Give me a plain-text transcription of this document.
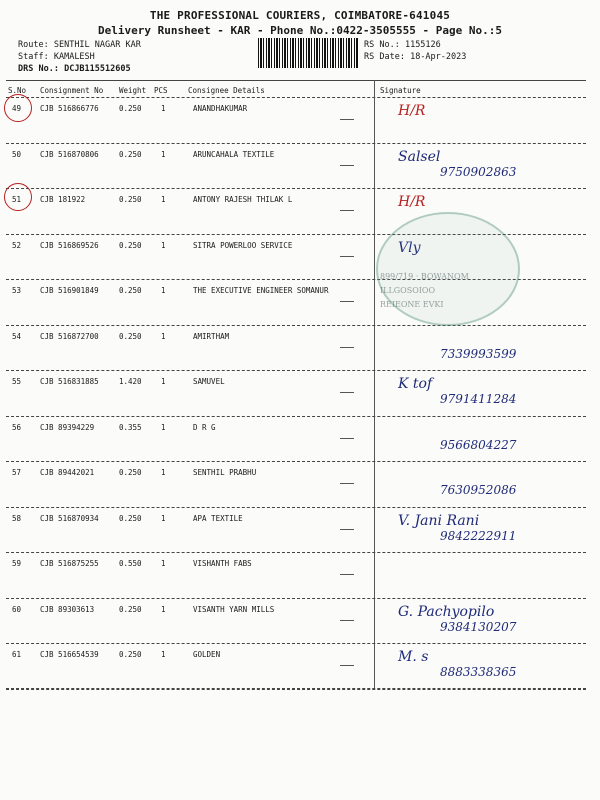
THE PROFESSIONAL COURIERS, COIMBATORE-641045
Delivery Runsheet - KAR - Phone No.:0422-3505555 - Page No.:5
Route: SENTHIL NAGAR KAR
Staff: KAMALESH
DRS No.: DCJB115512605
RS No.: 1155126
RS Date: 18-Apr-2023
S.No Consignment No Weight PCS	Consignee Details	Signature
49	CJB 516866776	0.250	1	ANANDHAKUMAR	H/R
50	CJB 516870806	0.250	1	ARUNCAHALA TEXTILE	Salsel
9750902863
51	CJB 181922	0.250	1	ANTONY RAJESH THILAK L	H/R
52	CJB 516869526	0.250	1	SITRA POWERLOO SERVICE	Vly
53	CJB 516901849	0.250	1	THE EXECUTIVE ENGINEER SOMANUR
54	CJB 516872700	0.250	1	AMIRTHAM
7339993599
55	CJB 516831885	1.420	1	SAMUVEL	K tof
9791411284
56	CJB 89394229	0.355	1	D R G
9566804227
57	CJB 89442021	0.250	1	SENTHIL PRABHU
7630952086
58	CJB 516870934	0.250	1	APA TEXTILE	V. Jani Rani
9842222911
59	CJB 516875255	0.550	1	VISHANTH FABS
60	CJB 89303613	0.250	1	VISANTH YARN MILLS	G. Pachyopilo
9384130207
61	CJB 516654539	0.250	1	GOLDEN	M. s
8883338365
899/719 · BOWANOM
ILLGOSOIOO
REIEONE EVKI
